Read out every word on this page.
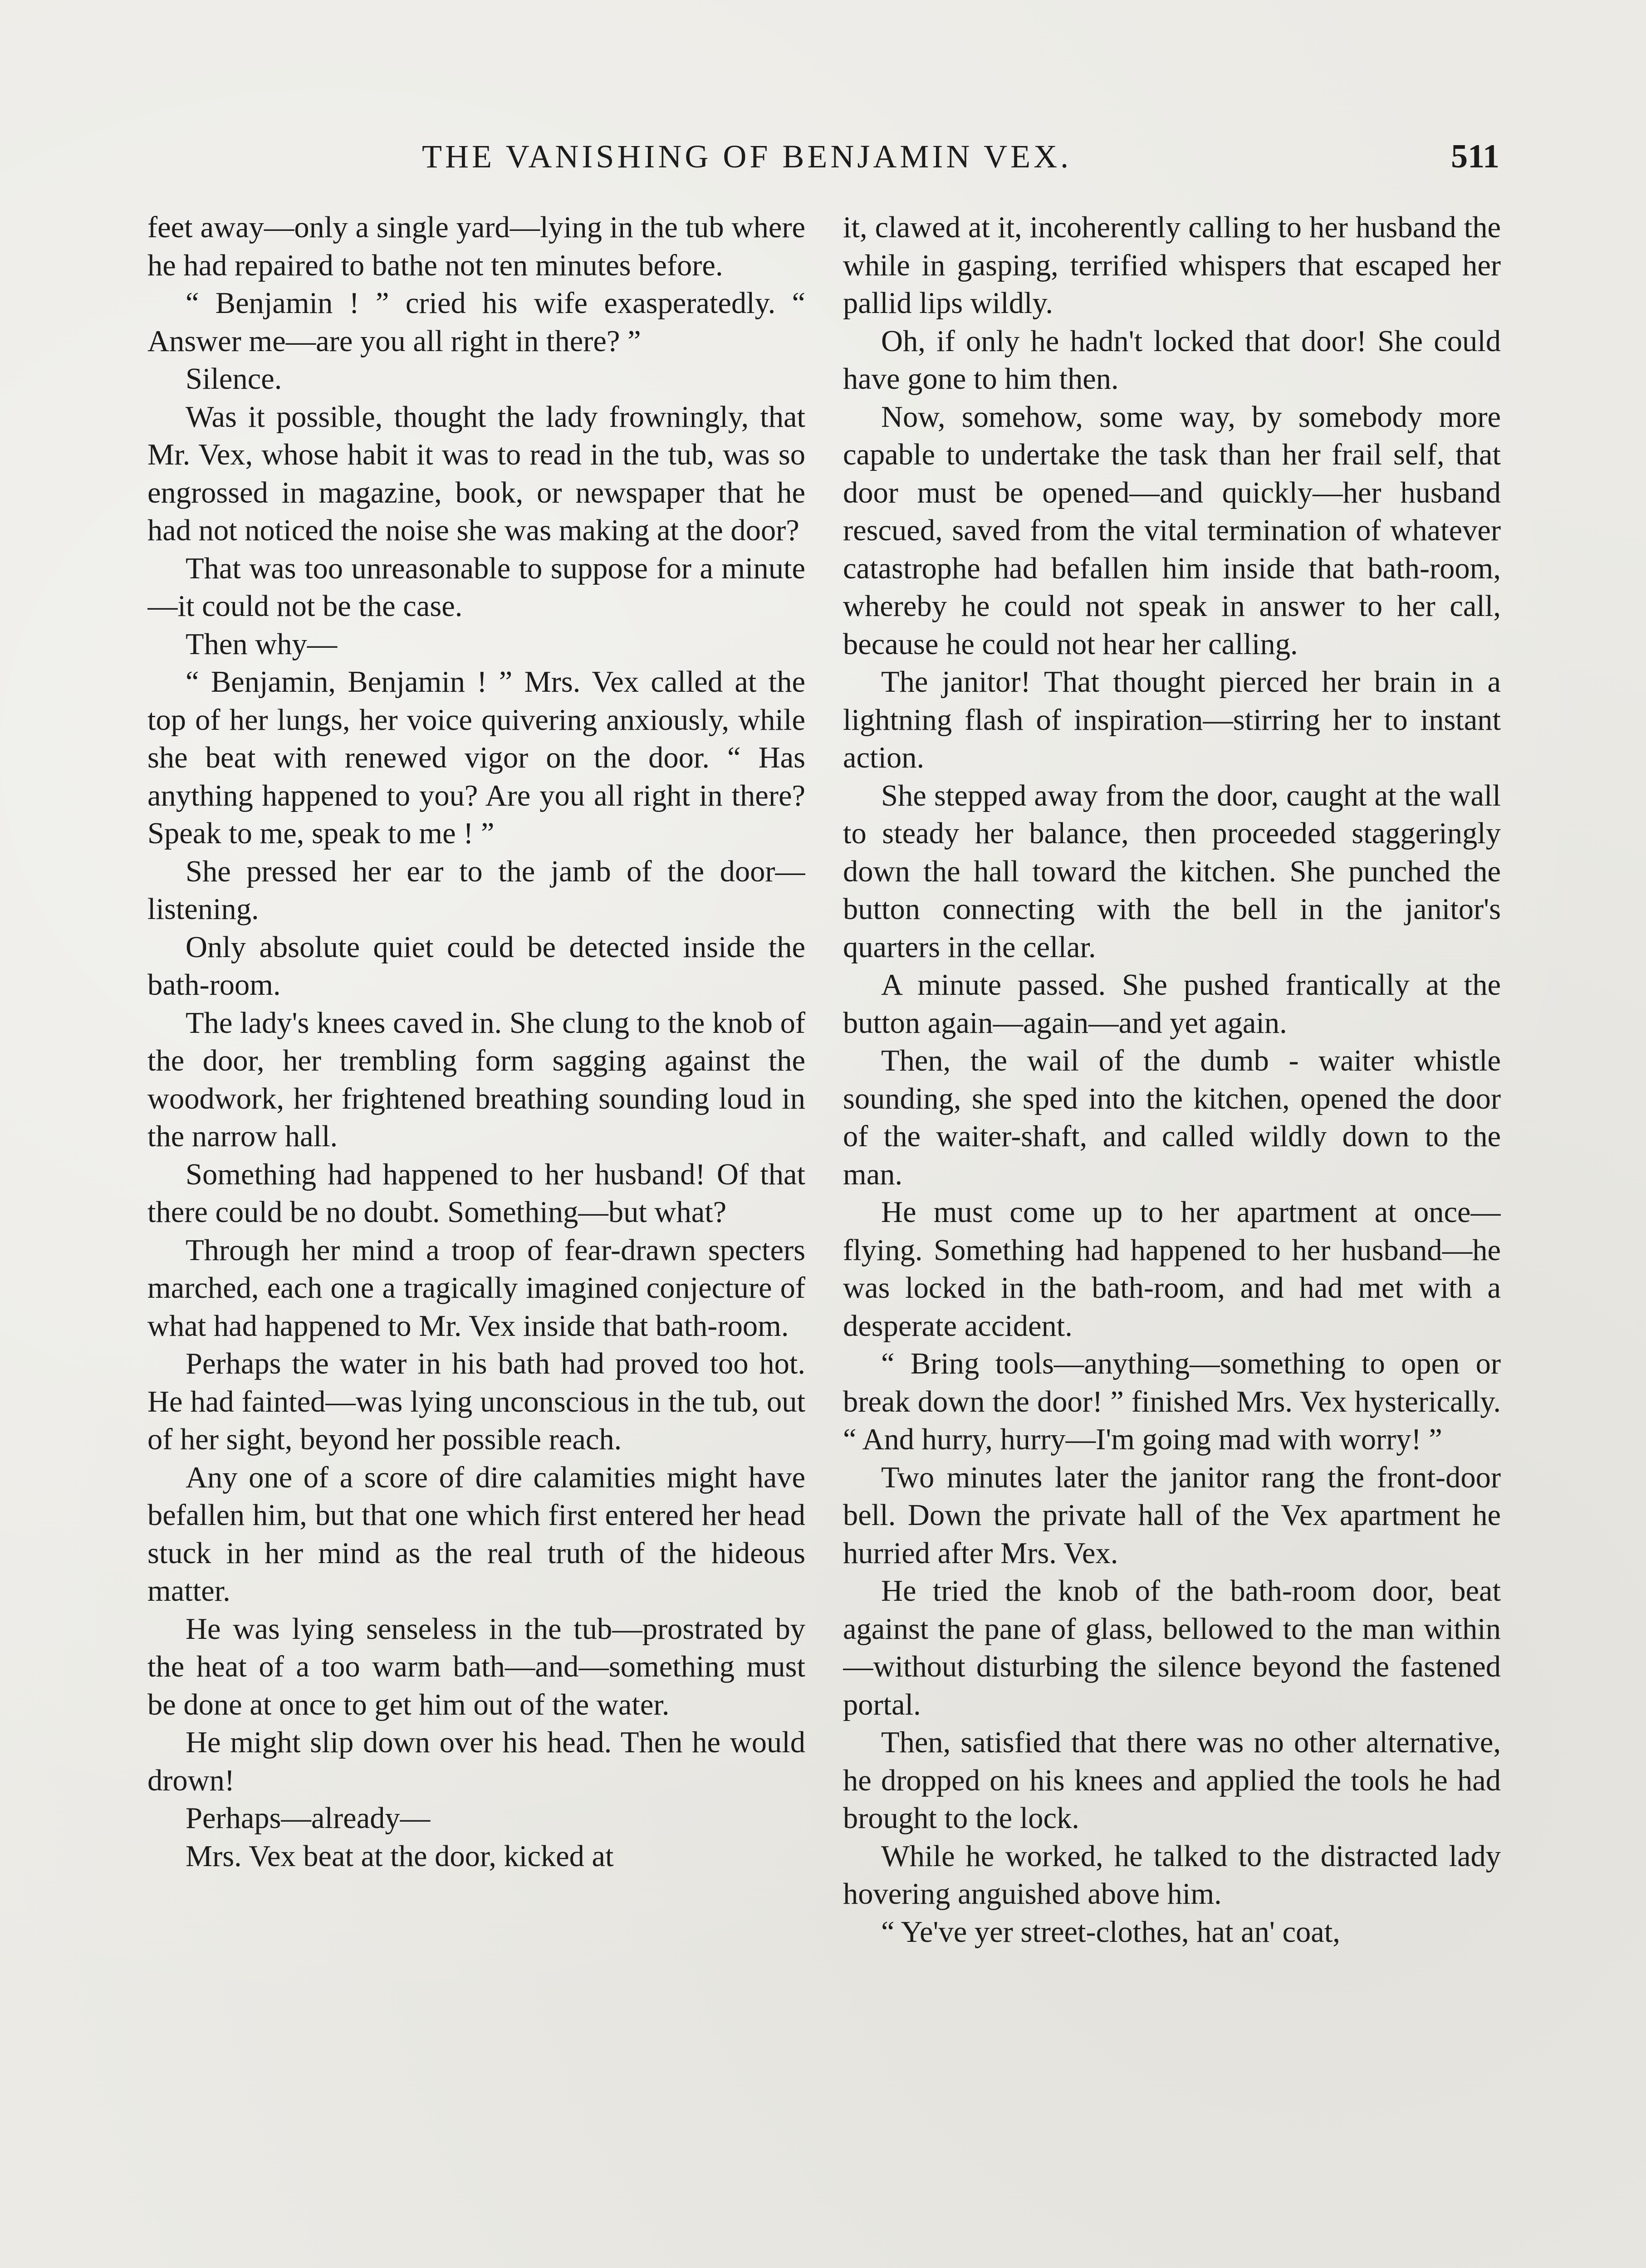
THE VANISHING OF BENJAMIN VEX.	511

feet away—only a single yard—lying in the tub where he had repaired to bathe not ten minutes before.

“ Benjamin ! ” cried his wife exasperatedly. “ Answer me—are you all right in there? ”

Silence.

Was it possible, thought the lady frowningly, that Mr. Vex, whose habit it was to read in the tub, was so engrossed in magazine, book, or newspaper that he had not noticed the noise she was making at the door?

That was too unreasonable to suppose for a minute—it could not be the case.

Then why—

“ Benjamin, Benjamin ! ” Mrs. Vex called at the top of her lungs, her voice quivering anxiously, while she beat with renewed vigor on the door. “ Has anything happened to you? Are you all right in there? Speak to me, speak to me ! ”

She pressed her ear to the jamb of the door—listening.

Only absolute quiet could be detected inside the bath-room.

The lady's knees caved in. She clung to the knob of the door, her trembling form sagging against the woodwork, her frightened breathing sounding loud in the narrow hall.

Something had happened to her husband! Of that there could be no doubt. Something—but what?

Through her mind a troop of fear-drawn specters marched, each one a tragically imagined conjecture of what had happened to Mr. Vex inside that bath-room.

Perhaps the water in his bath had proved too hot. He had fainted—was lying unconscious in the tub, out of her sight, beyond her possible reach.

Any one of a score of dire calamities might have befallen him, but that one which first entered her head stuck in her mind as the real truth of the hideous matter.

He was lying senseless in the tub—prostrated by the heat of a too warm bath—and—something must be done at once to get him out of the water.

He might slip down over his head. Then he would drown!

Perhaps—already—

Mrs. Vex beat at the door, kicked at

it, clawed at it, incoherently calling to her husband the while in gasping, terrified whispers that escaped her pallid lips wildly.

Oh, if only he hadn't locked that door! She could have gone to him then.

Now, somehow, some way, by somebody more capable to undertake the task than her frail self, that door must be opened—and quickly—her husband rescued, saved from the vital termination of whatever catastrophe had befallen him inside that bath-room, whereby he could not speak in answer to her call, because he could not hear her calling.

The janitor! That thought pierced her brain in a lightning flash of inspiration—stirring her to instant action.

She stepped away from the door, caught at the wall to steady her balance, then proceeded staggeringly down the hall toward the kitchen. She punched the button connecting with the bell in the janitor's quarters in the cellar.

A minute passed. She pushed frantically at the button again—again—and yet again.

Then, the wail of the dumb - waiter whistle sounding, she sped into the kitchen, opened the door of the waiter-shaft, and called wildly down to the man.

He must come up to her apartment at once—flying. Something had happened to her husband—he was locked in the bath-room, and had met with a desperate accident.

“ Bring tools—anything—something to open or break down the door! ” finished Mrs. Vex hysterically. “ And hurry, hurry—I'm going mad with worry! ”

Two minutes later the janitor rang the front-door bell. Down the private hall of the Vex apartment he hurried after Mrs. Vex.

He tried the knob of the bath-room door, beat against the pane of glass, bellowed to the man within—without disturbing the silence beyond the fastened portal.

Then, satisfied that there was no other alternative, he dropped on his knees and applied the tools he had brought to the lock.

While he worked, he talked to the distracted lady hovering anguished above him.

“ Ye've yer street-clothes, hat an' coat,
